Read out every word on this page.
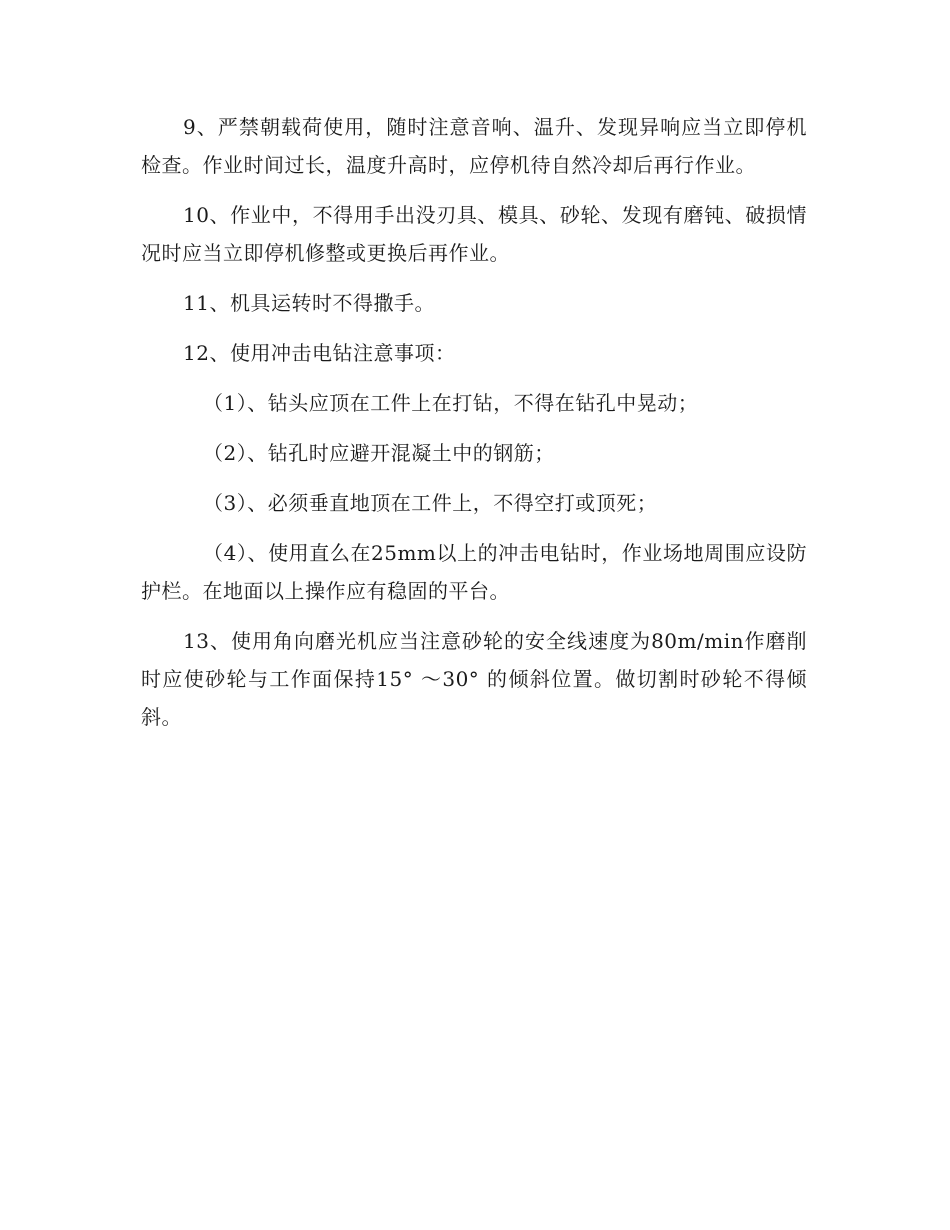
9、严禁朝载荷使用，随时注意音响、温升、发现异响应当立即停机检查。作业时间过长，温度升高时，应停机待自然冷却后再行作业。

10、作业中，不得用手出没刃具、模具、砂轮、发现有磨钝、破损情况时应当立即停机修整或更换后再作业。

11、机具运转时不得撒手。

12、使用冲击电钻注意事项：

（1）、钻头应顶在工件上在打钻，不得在钻孔中晃动；

（2）、钻孔时应避开混凝土中的钢筋；

（3）、必须垂直地顶在工件上，不得空打或顶死；

（4）、使用直么在25mm以上的冲击电钻时，作业场地周围应设防护栏。在地面以上操作应有稳固的平台。

13、使用角向磨光机应当注意砂轮的安全线速度为80m/min作磨削时应使砂轮与工作面保持15° ～30° 的倾斜位置。做切割时砂轮不得倾斜。
